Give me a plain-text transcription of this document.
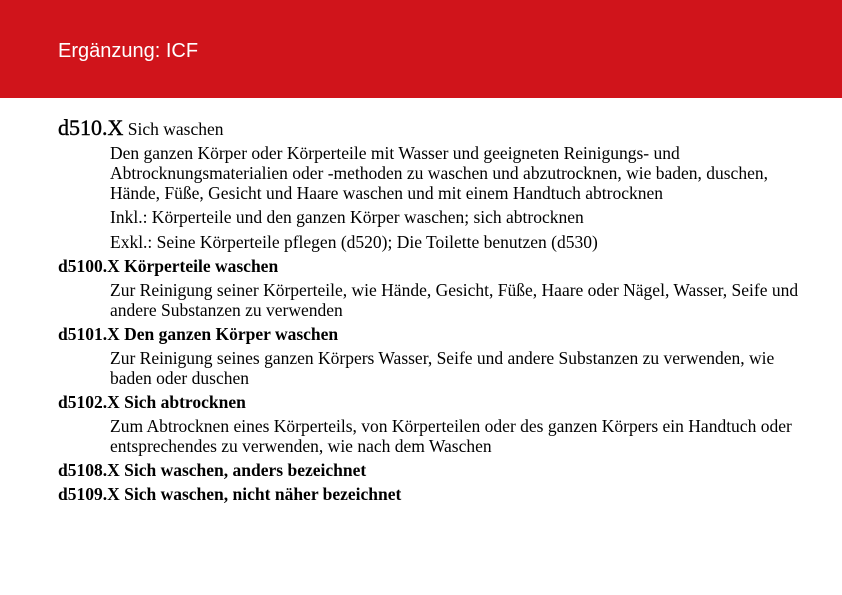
Ergänzung: ICF

d510.X Sich waschen

Den ganzen Körper oder Körperteile mit Wasser und geeigneten Reinigungs- und Abtrocknungsmaterialien oder -methoden zu waschen und abzutrocknen, wie baden, duschen, Hände, Füße, Gesicht und Haare waschen und mit einem Handtuch abtrocknen

Inkl.: Körperteile und den ganzen Körper waschen; sich abtrocknen

Exkl.: Seine Körperteile pflegen (d520); Die Toilette benutzen (d530)

d5100.X Körperteile waschen

Zur Reinigung seiner Körperteile, wie Hände, Gesicht, Füße, Haare oder Nägel, Wasser, Seife und andere Substanzen zu verwenden

d5101.X Den ganzen Körper waschen

Zur Reinigung seines ganzen Körpers Wasser, Seife und andere Substanzen zu verwenden, wie baden oder duschen

d5102.X Sich abtrocknen

Zum Abtrocknen eines Körperteils, von Körperteilen oder des ganzen Körpers ein Handtuch oder entsprechendes zu verwenden, wie nach dem Waschen

d5108.X Sich waschen, anders bezeichnet

d5109.X Sich waschen, nicht näher bezeichnet
